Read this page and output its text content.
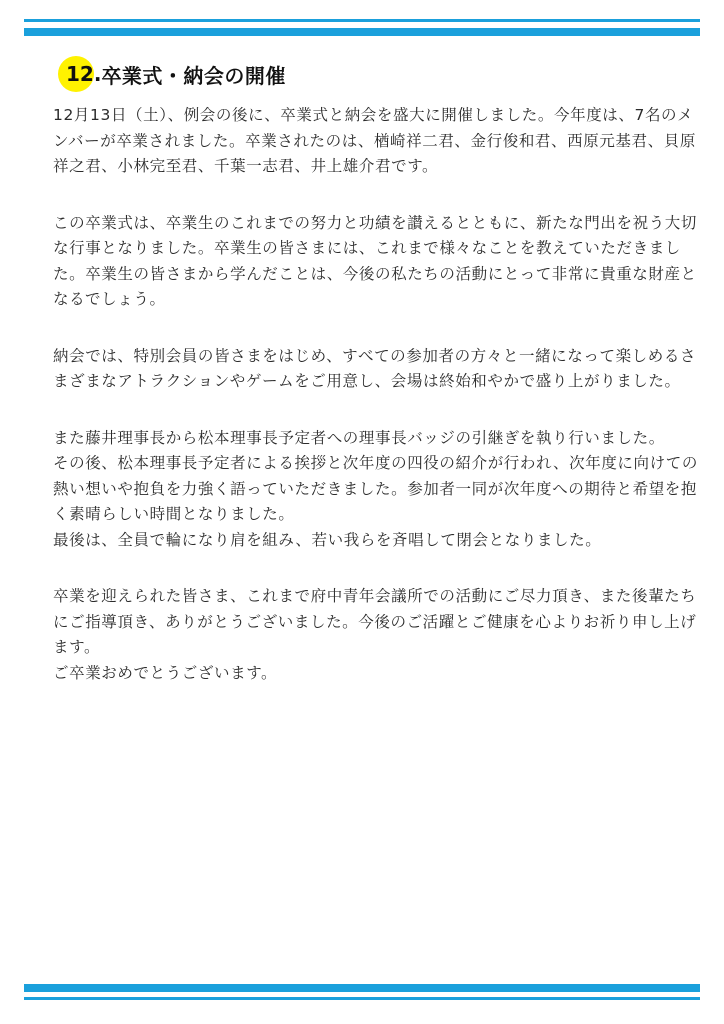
12. 卒業式・納会の開催

12月13日（土）、例会の後に、卒業式と納会を盛大に開催しました。今年度は、7名のメンバーが卒業されました。卒業されたのは、楢崎祥二君、金行俊和君、西原元基君、貝原祥之君、小林完至君、千葉一志君、井上雄介君です。

この卒業式は、卒業生のこれまでの努力と功績を讃えるとともに、新たな門出を祝う大切な行事となりました。卒業生の皆さまには、これまで様々なことを教えていただきました。卒業生の皆さまから学んだことは、今後の私たちの活動にとって非常に貴重な財産となるでしょう。

納会では、特別会員の皆さまをはじめ、すべての参加者の方々と一緒になって楽しめるさまざまなアトラクションやゲームをご用意し、会場は終始和やかで盛り上がりました。

また藤井理事長から松本理事長予定者への理事長バッジの引継ぎを執り行いました。

その後、松本理事長予定者による挨拶と次年度の四役の紹介が行われ、次年度に向けての熱い想いや抱負を力強く語っていただきました。参加者一同が次年度への期待と希望を抱く素晴らしい時間となりました。

最後は、全員で輪になり肩を組み、若い我らを斉唱して閉会となりました。

卒業を迎えられた皆さま、これまで府中青年会議所での活動にご尽力頂き、また後輩たちにご指導頂き、ありがとうございました。今後のご活躍とご健康を心よりお祈り申し上げます。

ご卒業おめでとうございます。
